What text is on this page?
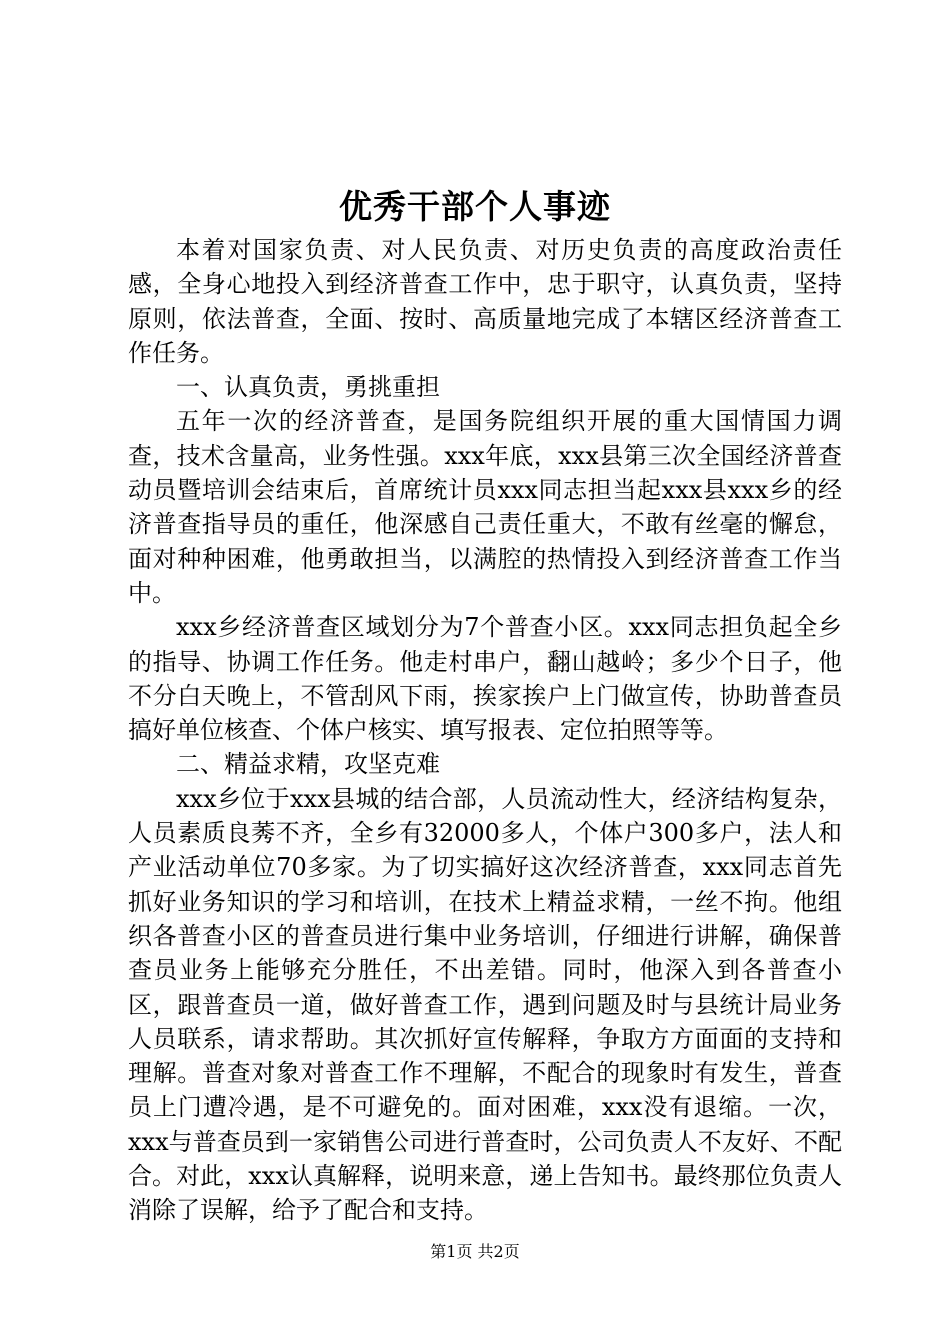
优秀干部个人事迹

本着对国家负责、对人民负责、对历史负责的高度政治责任感，全身心地投入到经济普查工作中，忠于职守，认真负责，坚持原则，依法普查，全面、按时、高质量地完成了本辖区经济普查工作任务。

一、认真负责，勇挑重担

五年一次的经济普查，是国务院组织开展的重大国情国力调查，技术含量高，业务性强。xxx年底，xxx县第三次全国经济普查动员暨培训会结束后，首席统计员xxx同志担当起xxx县xxx乡的经济普查指导员的重任，他深感自己责任重大，不敢有丝毫的懈怠，面对种种困难，他勇敢担当，以满腔的热情投入到经济普查工作当中。

xxx乡经济普查区域划分为7个普查小区。xxx同志担负起全乡的指导、协调工作任务。他走村串户，翻山越岭；多少个日子，他不分白天晚上，不管刮风下雨，挨家挨户上门做宣传，协助普查员搞好单位核查、个体户核实、填写报表、定位拍照等等。

二、精益求精，攻坚克难

xxx乡位于xxx县城的结合部，人员流动性大，经济结构复杂，人员素质良莠不齐，全乡有32000多人，个体户300多户，法人和产业活动单位70多家。为了切实搞好这次经济普查，xxx同志首先抓好业务知识的学习和培训，在技术上精益求精，一丝不拘。他组织各普查小区的普查员进行集中业务培训，仔细进行讲解，确保普查员业务上能够充分胜任，不出差错。同时，他深入到各普查小区，跟普查员一道，做好普查工作，遇到问题及时与县统计局业务人员联系，请求帮助。其次抓好宣传解释，争取方方面面的支持和理解。普查对象对普查工作不理解，不配合的现象时有发生，普查员上门遭冷遇，是不可避免的。面对困难，xxx没有退缩。一次，xxx与普查员到一家销售公司进行普查时，公司负责人不友好、不配合。对此，xxx认真解释，说明来意，递上告知书。最终那位负责人消除了误解，给予了配合和支持。

第1页 共2页
